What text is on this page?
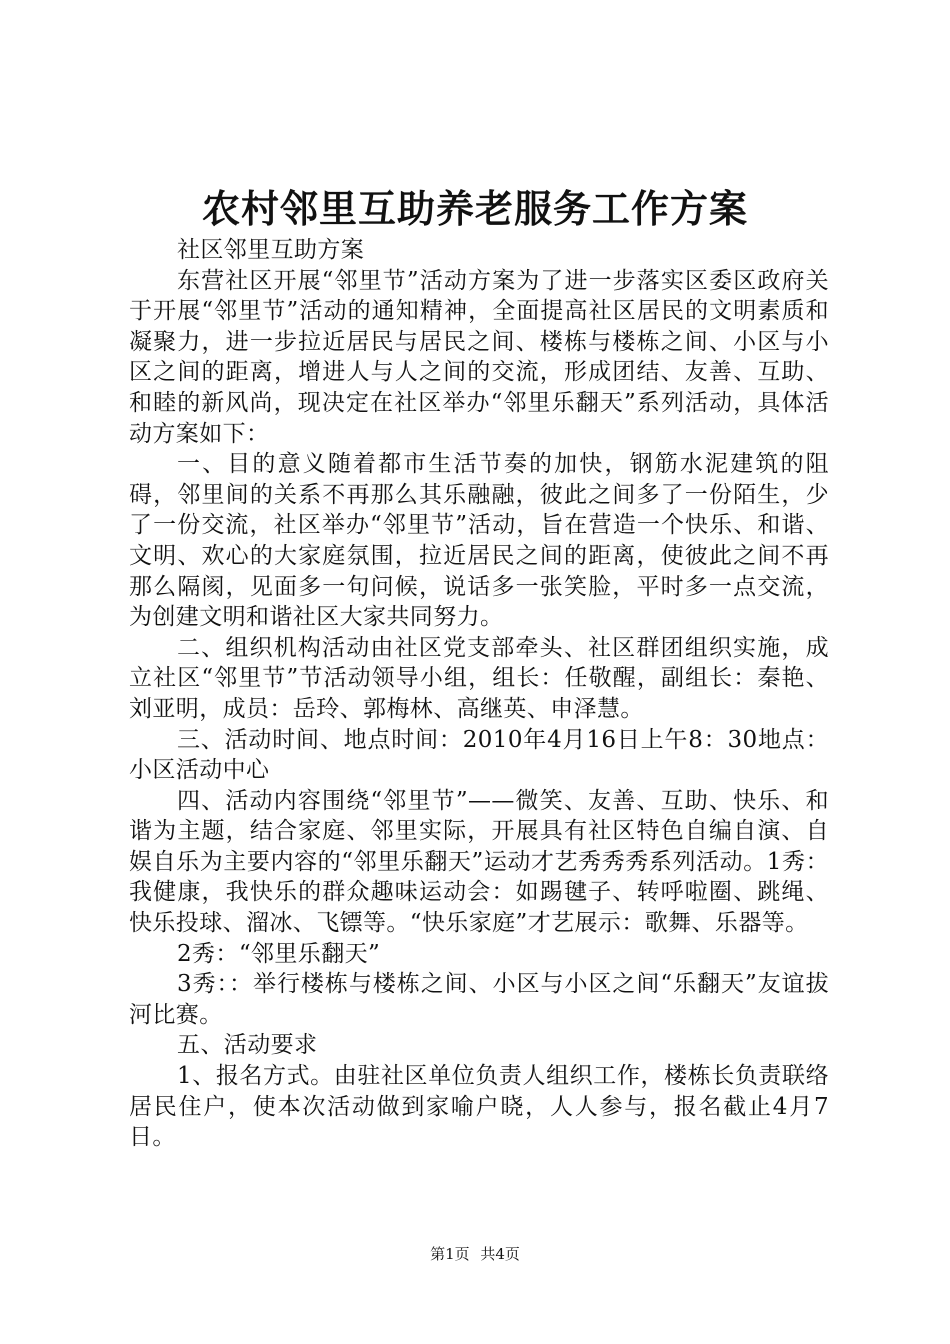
农村邻里互助养老服务工作方案

社区邻里互助方案

东营社区开展“邻里节”活动方案为了进一步落实区委区政府关于开展“邻里节”活动的通知精神，全面提高社区居民的文明素质和凝聚力，进一步拉近居民与居民之间、楼栋与楼栋之间、小区与小区之间的距离，增进人与人之间的交流，形成团结、友善、互助、和睦的新风尚，现决定在社区举办“邻里乐翻天”系列活动，具体活动方案如下：

一、目的意义随着都市生活节奏的加快，钢筋水泥建筑的阻碍，邻里间的关系不再那么其乐融融，彼此之间多了一份陌生，少了一份交流，社区举办“邻里节”活动，旨在营造一个快乐、和谐、文明、欢心的大家庭氛围，拉近居民之间的距离，使彼此之间不再那么隔阂，见面多一句问候，说话多一张笑脸，平时多一点交流，为创建文明和谐社区大家共同努力。

二、组织机构活动由社区党支部牵头、社区群团组织实施，成立社区“邻里节”节活动领导小组，组长：任敬醒，副组长：秦艳、刘亚明，成员：岳玲、郭梅林、高继英、申泽慧。

三、活动时间、地点时间：2010年4月16日上午8：30地点：小区活动中心

四、活动内容围绕“邻里节”——微笑、友善、互助、快乐、和谐为主题，结合家庭、邻里实际，开展具有社区特色自编自演、自娱自乐为主要内容的“邻里乐翻天”运动才艺秀秀秀系列活动。1秀：我健康，我快乐的群众趣味运动会：如踢毽子、转呼啦圈、跳绳、快乐投球、溜冰、飞镖等。“快乐家庭”才艺展示：歌舞、乐器等。

2秀：“邻里乐翻天”

3秀：：举行楼栋与楼栋之间、小区与小区之间“乐翻天”友谊拔河比赛。

五、活动要求

1、报名方式。由驻社区单位负责人组织工作，楼栋长负责联络居民住户，使本次活动做到家喻户晓，人人参与，报名截止4月7日。

第1页 共4页
